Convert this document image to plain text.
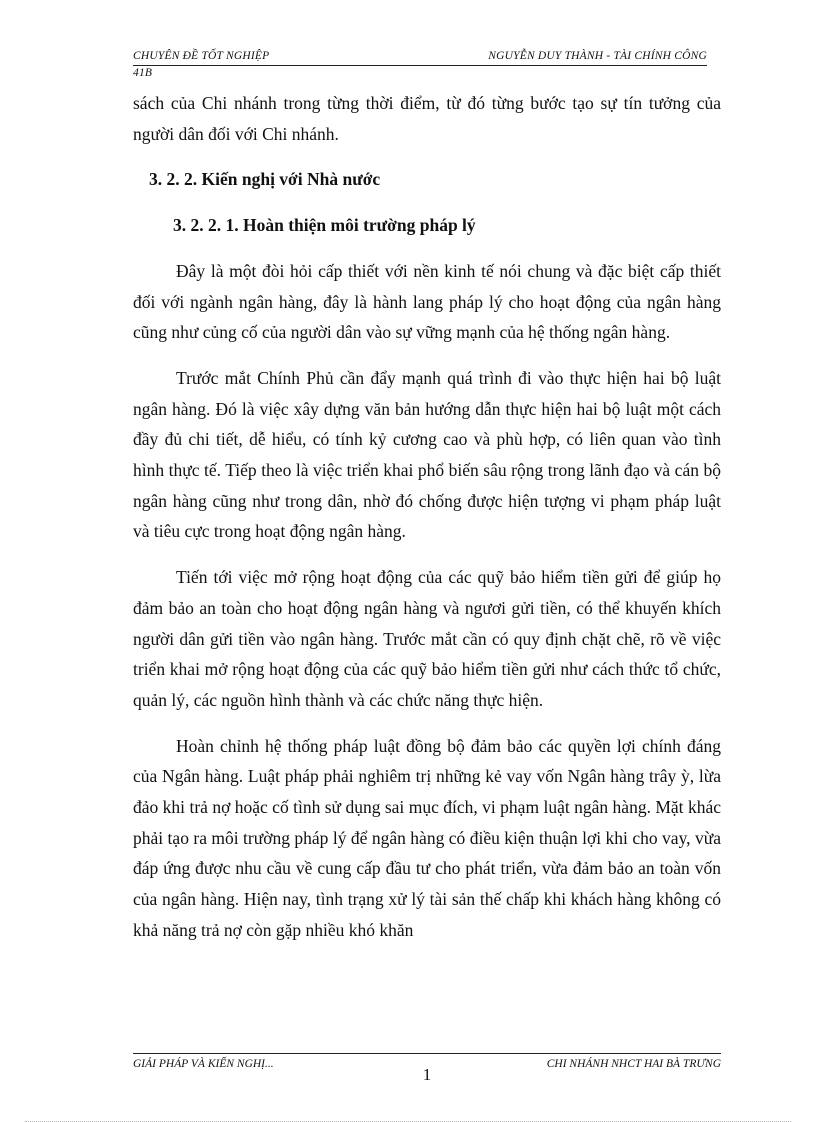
CHUYÊN ĐỀ TỐT NGHIỆP	NGUYỄN DUY THÀNH - TÀI CHÍNH CÔNG
41B

sách của Chi nhánh trong từng thời điểm, từ đó từng bước tạo sự tín tưởng của người dân đối với Chi nhánh.

3. 2. 2. Kiến nghị với Nhà nước
3. 2. 2. 1. Hoàn thiện môi trường pháp lý

Đây là một đòi hỏi cấp thiết với nền kinh tế nói chung và đặc biệt cấp thiết đối với ngành ngân hàng, đây là hành lang pháp lý cho hoạt động của ngân hàng cũng như củng cố của người dân vào sự vững mạnh của hệ thống ngân hàng.

Trước mắt Chính Phủ cần đẩy mạnh quá trình đi vào thực hiện hai bộ luật ngân hàng. Đó là việc xây dựng văn bản hướng dẫn thực hiện hai bộ luật một cách đầy đủ chi tiết, dễ hiểu, có tính kỷ cương cao và phù hợp, có liên quan vào tình hình thực tế. Tiếp theo là việc triển khai phổ biến sâu rộng trong lãnh đạo và cán bộ ngân hàng cũng như trong dân, nhờ đó chống được hiện tượng vi phạm pháp luật và tiêu cực trong hoạt động ngân hàng.

Tiến tới việc mở rộng hoạt động của các quỹ bảo hiểm tiền gửi để giúp họ đảm bảo an toàn cho hoạt động ngân hàng và ngươi gửi tiền, có thể khuyến khích người dân gửi tiền vào ngân hàng. Trước mắt cần có quy định chặt chẽ, rõ về việc triển khai mở rộng hoạt động của các quỹ bảo hiểm tiền gửi như cách thức tổ chức, quản lý, các nguồn hình thành và các chức năng thực hiện.

Hoàn chỉnh hệ thống pháp luật đồng bộ đảm bảo các quyền lợi chính đáng của Ngân hàng. Luật pháp phải nghiêm trị những kẻ vay vốn Ngân hàng trây ỳ, lừa đảo khi trả nợ hoặc cố tình sử dụng sai mục đích, vi phạm luật ngân hàng. Mặt khác phải tạo ra môi trường pháp lý để ngân hàng có điều kiện thuận lợi khi cho vay, vừa đáp ứng được nhu cầu về cung cấp đầu tư cho phát triển, vừa đảm bảo an toàn vốn của ngân hàng. Hiện nay, tình trạng xử lý tài sản thế chấp khi khách hàng không có khả năng trả nợ còn gặp nhiều khó khăn

GIẢI PHÁP VÀ KIẾN NGHỊ...	CHI NHÁNH NHCT HAI BÀ TRƯNG
1
